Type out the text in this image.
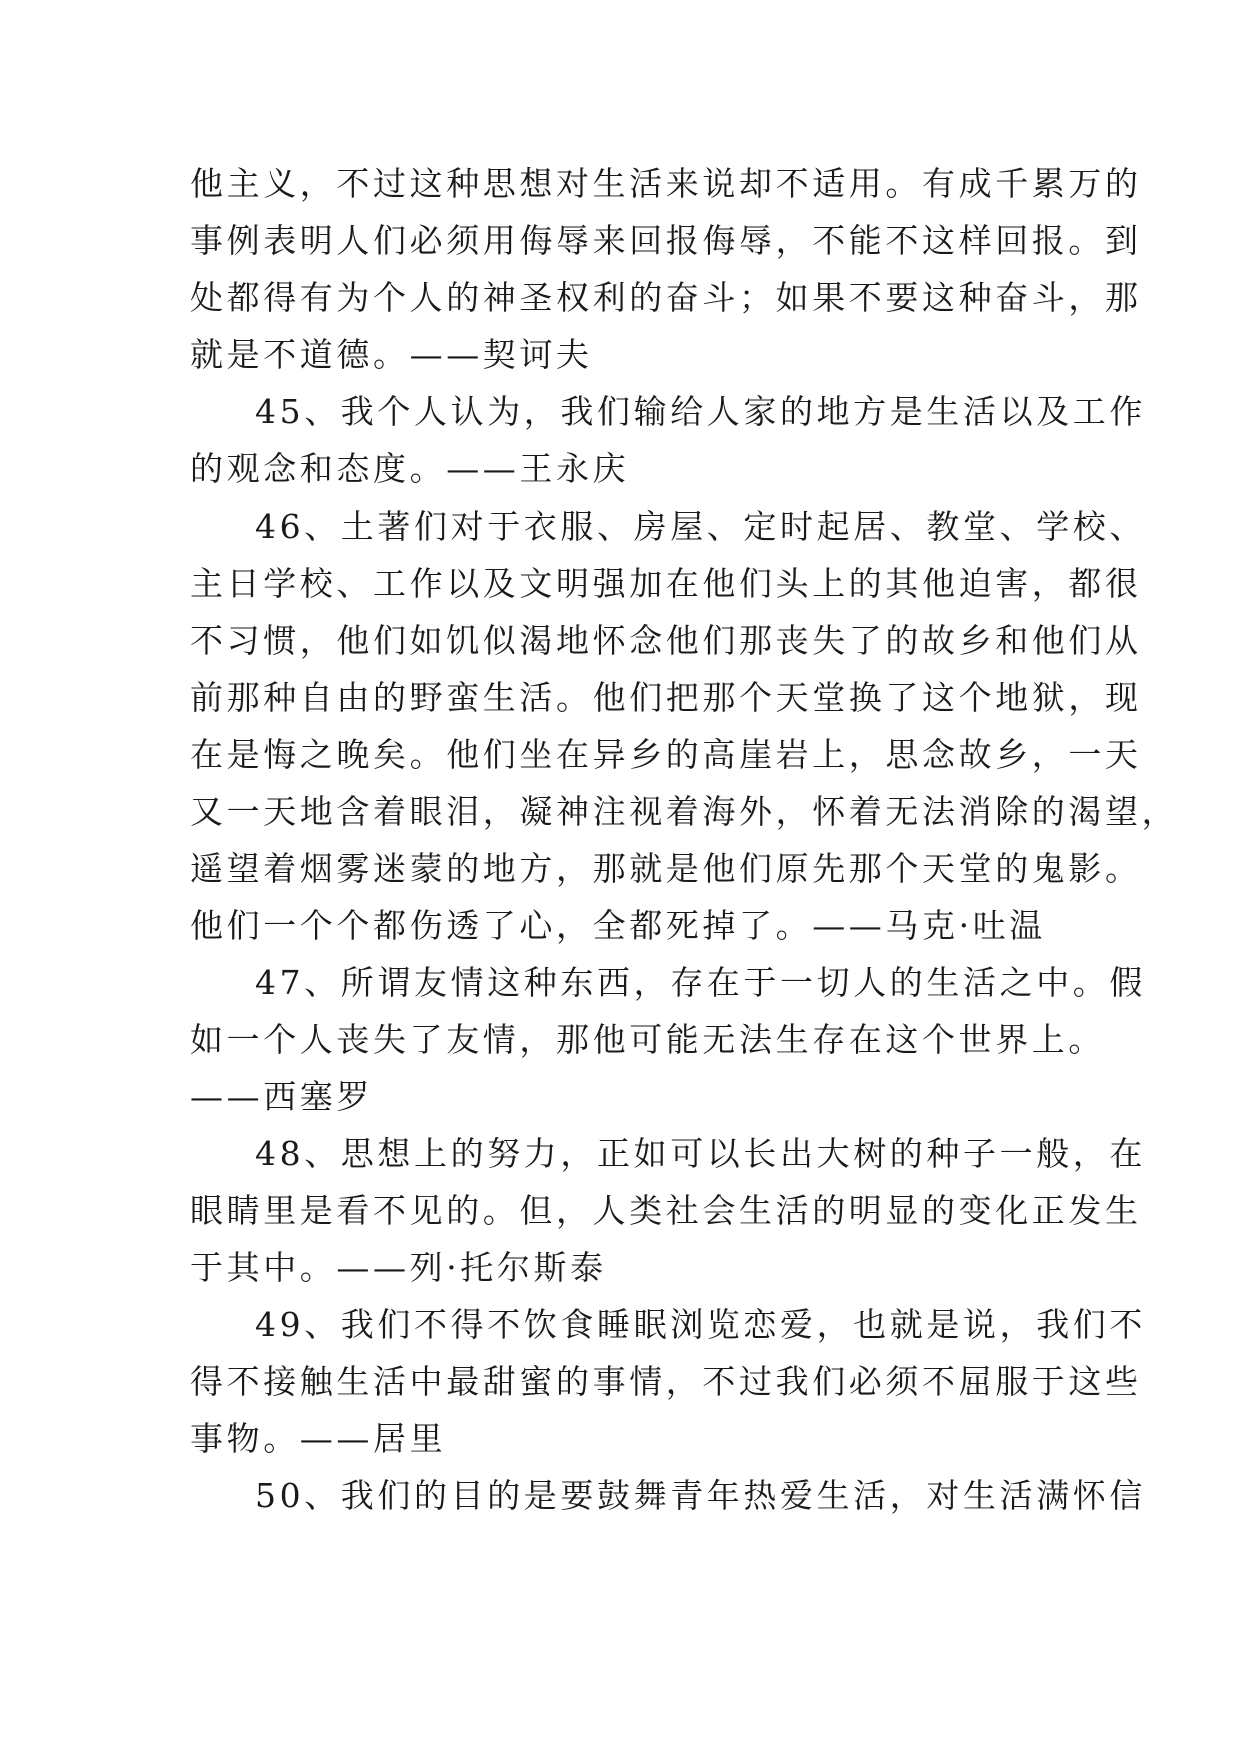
他主义，不过这种思想对生活来说却不适用。有成千累万的
事例表明人们必须用侮辱来回报侮辱，不能不这样回报。到
处都得有为个人的神圣权利的奋斗；如果不要这种奋斗，那
就是不道德。——契诃夫
45、我个人认为，我们输给人家的地方是生活以及工作
的观念和态度。——王永庆
46、土著们对于衣服、房屋、定时起居、教堂、学校、
主日学校、工作以及文明强加在他们头上的其他迫害，都很
不习惯，他们如饥似渴地怀念他们那丧失了的故乡和他们从
前那种自由的野蛮生活。他们把那个天堂换了这个地狱，现
在是悔之晚矣。他们坐在异乡的高崖岩上，思念故乡，一天
又一天地含着眼泪，凝神注视着海外，怀着无法消除的渴望，
遥望着烟雾迷蒙的地方，那就是他们原先那个天堂的鬼影。
他们一个个都伤透了心，全都死掉了。——马克·吐温
47、所谓友情这种东西，存在于一切人的生活之中。假
如一个人丧失了友情，那他可能无法生存在这个世界上。
——西塞罗
48、思想上的努力，正如可以长出大树的种子一般，在
眼睛里是看不见的。但，人类社会生活的明显的变化正发生
于其中。——列·托尔斯泰
49、我们不得不饮食睡眠浏览恋爱，也就是说，我们不
得不接触生活中最甜蜜的事情，不过我们必须不屈服于这些
事物。——居里
50、我们的目的是要鼓舞青年热爱生活，对生活满怀信
